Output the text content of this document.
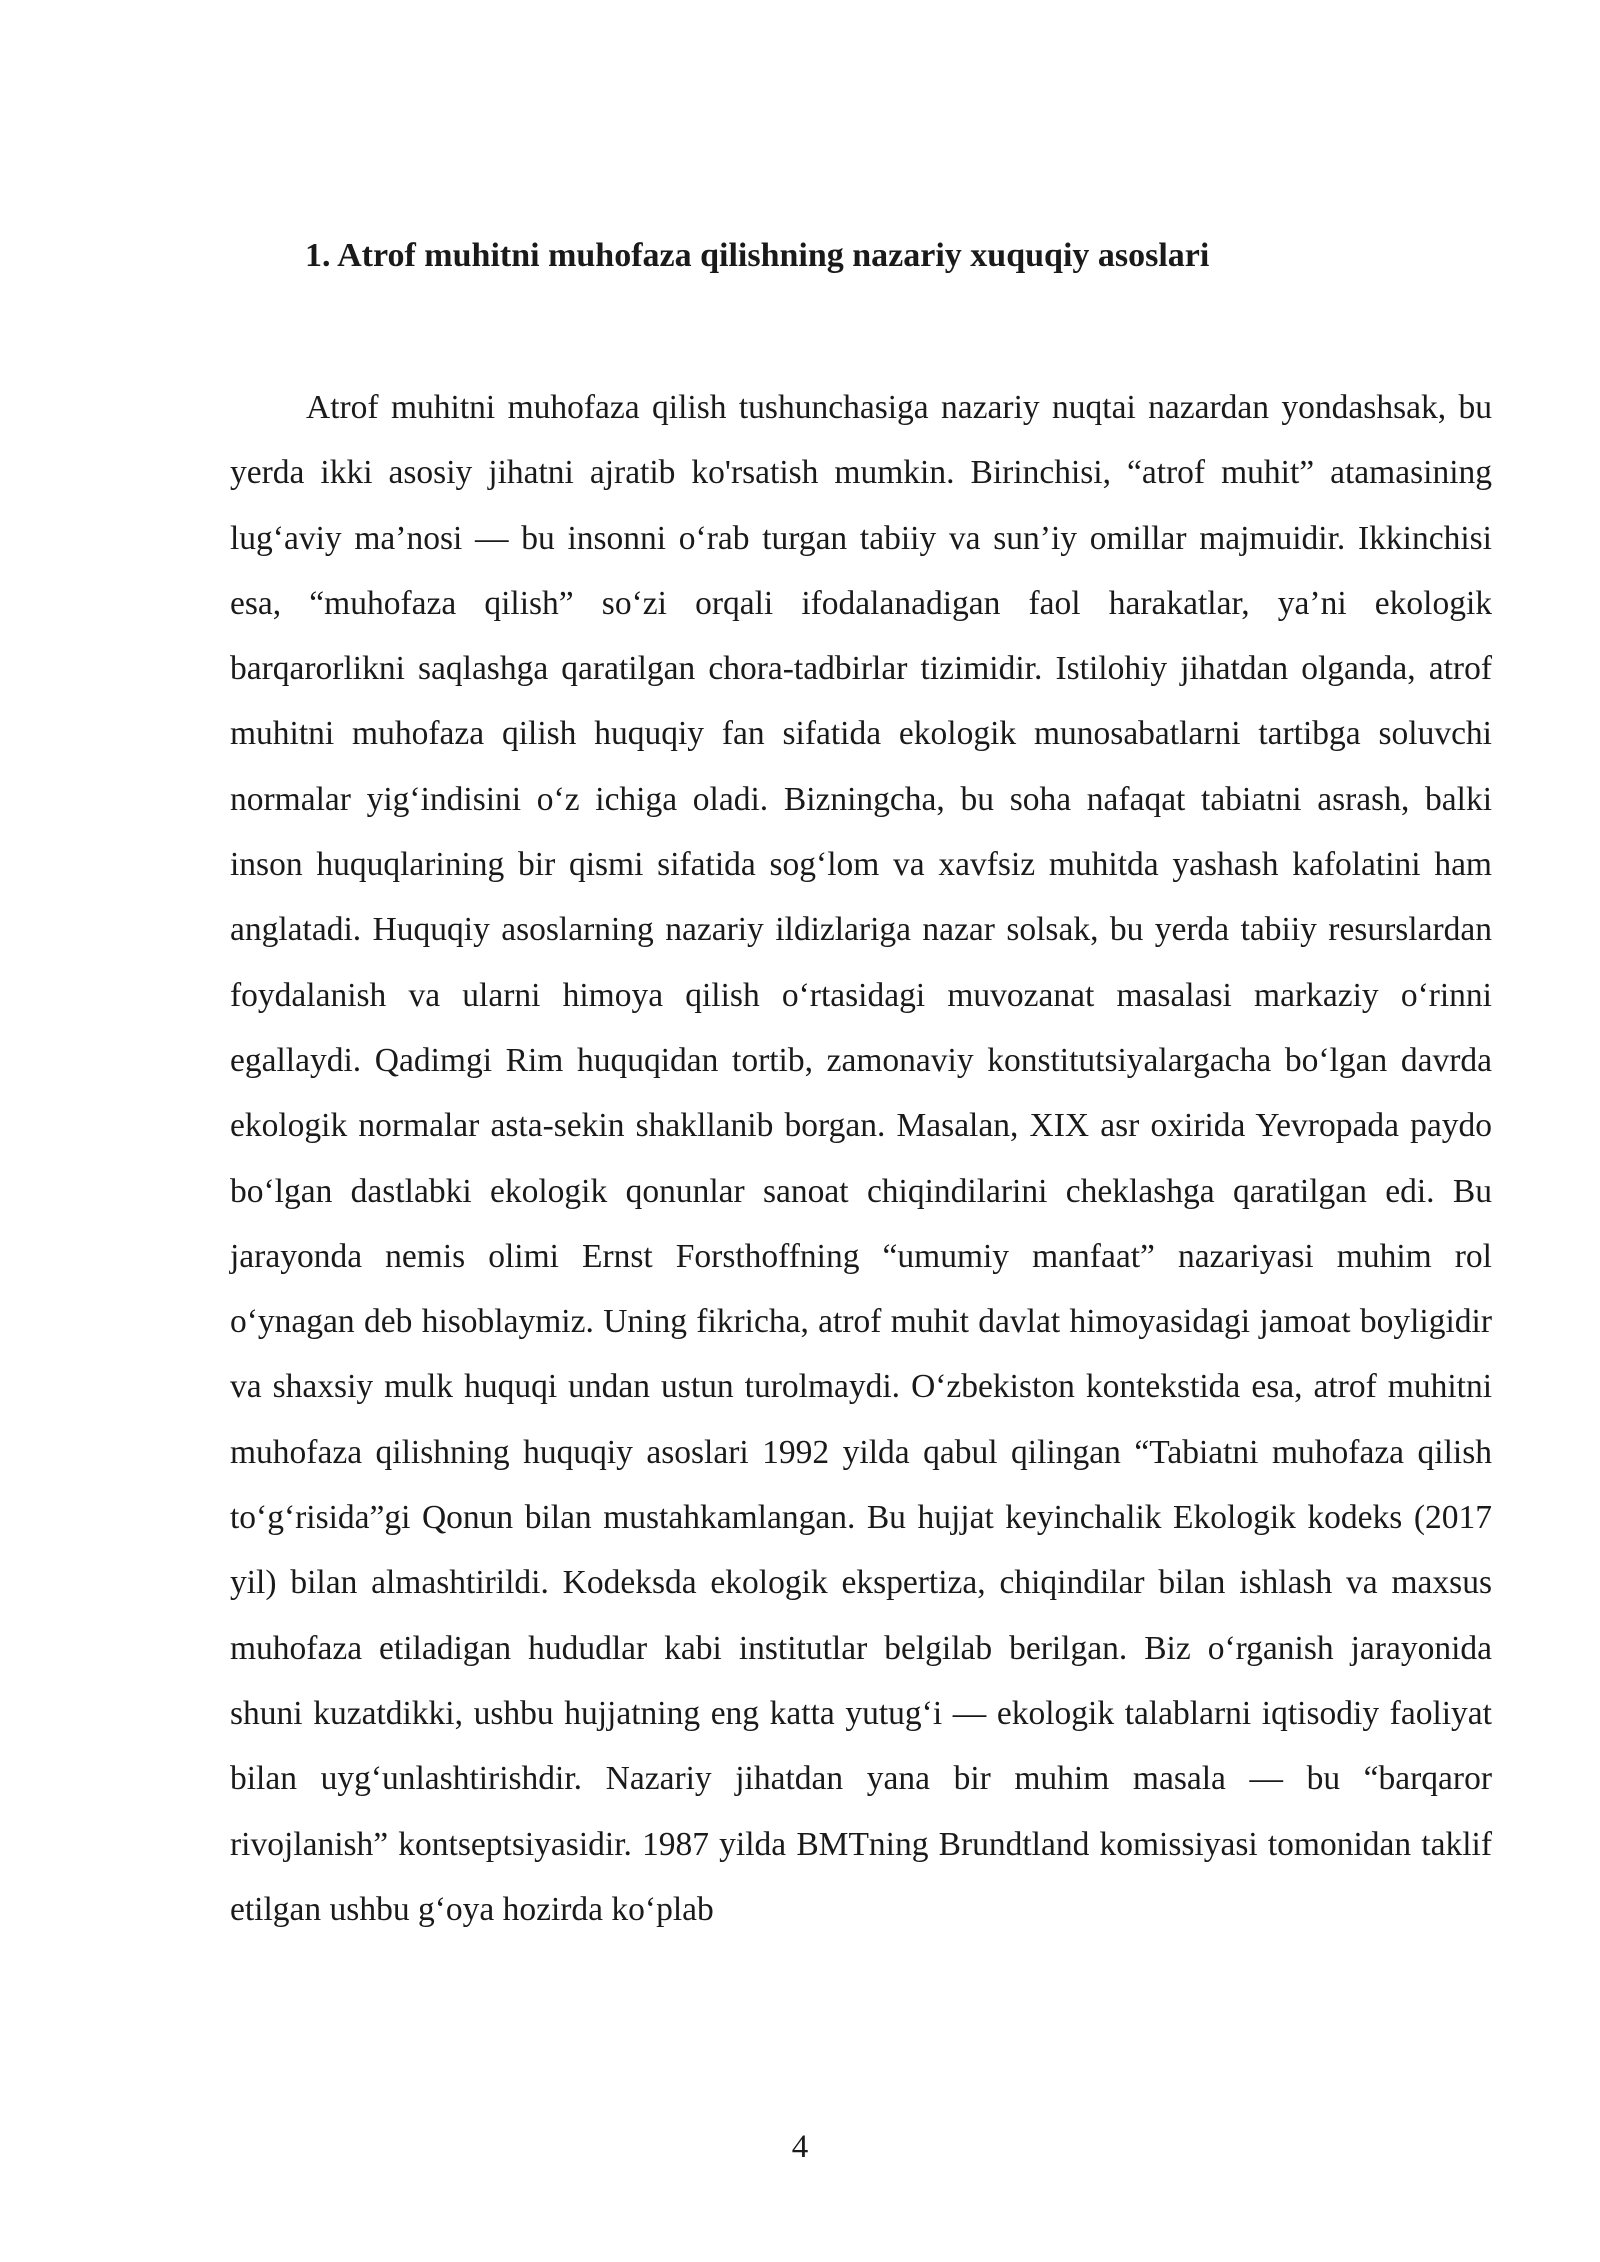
1. Atrof muhitni muhofaza qilishning nazariy xuquqiy asoslari

Atrof muhitni muhofaza qilish tushunchasiga nazariy nuqtai nazardan yondashsak, bu yerda ikki asosiy jihatni ajratib ko'rsatish mumkin. Birinchisi, “atrof muhit” atamasining lug‘aviy ma’nosi — bu insonni o‘rab turgan tabiiy va sun’iy omillar majmuidir. Ikkinchisi esa, “muhofaza qilish” so‘zi orqali ifodalanadigan faol harakatlar, ya’ni ekologik barqarorlikni saqlashga qaratilgan chora-tadbirlar tizimidir. Istilohiy jihatdan olganda, atrof muhitni muhofaza qilish huquqiy fan sifatida ekologik munosabatlarni tartibga soluvchi normalar yig‘indisini o‘z ichiga oladi. Bizningcha, bu soha nafaqat tabiatni asrash, balki inson huquqlarining bir qismi sifatida sog‘lom va xavfsiz muhitda yashash kafolatini ham anglatadi. Huquqiy asoslarning nazariy ildizlariga nazar solsak, bu yerda tabiiy resurslardan foydalanish va ularni himoya qilish o‘rtasidagi muvozanat masalasi markaziy o‘rinni egallaydi. Qadimgi Rim huquqidan tortib, zamonaviy konstitutsiyalargacha bo‘lgan davrda ekologik normalar asta-sekin shakllanib borgan. Masalan, XIX asr oxirida Yevropada paydo bo‘lgan dastlabki ekologik qonunlar sanoat chiqindilarini cheklashga qaratilgan edi. Bu jarayonda nemis olimi Ernst Forsthoffning “umumiy manfaat” nazariyasi muhim rol o‘ynagan deb hisoblaymiz. Uning fikricha, atrof muhit davlat himoyasidagi jamoat boyligidir va shaxsiy mulk huquqi undan ustun turolmaydi. O‘zbekiston kontekstida esa, atrof muhitni muhofaza qilishning huquqiy asoslari 1992 yilda qabul qilingan “Tabiatni muhofaza qilish to‘g‘risida”gi Qonun bilan mustahkamlangan. Bu hujjat keyinchalik Ekologik kodeks (2017 yil) bilan almashtirildi. Kodeksda ekologik ekspertiza, chiqindilar bilan ishlash va maxsus muhofaza etiladigan hududlar kabi institutlar belgilab berilgan. Biz o‘rganish jarayonida shuni kuzatdikki, ushbu hujjatning eng katta yutug‘i — ekologik talablarni iqtisodiy faoliyat bilan uyg‘unlashtirishdir. Nazariy jihatdan yana bir muhim masala — bu “barqaror rivojlanish” kontseptsiyasidir. 1987 yilda BMTning Brundtland komissiyasi tomonidan taklif etilgan ushbu g‘oya hozirda ko‘plab

4
